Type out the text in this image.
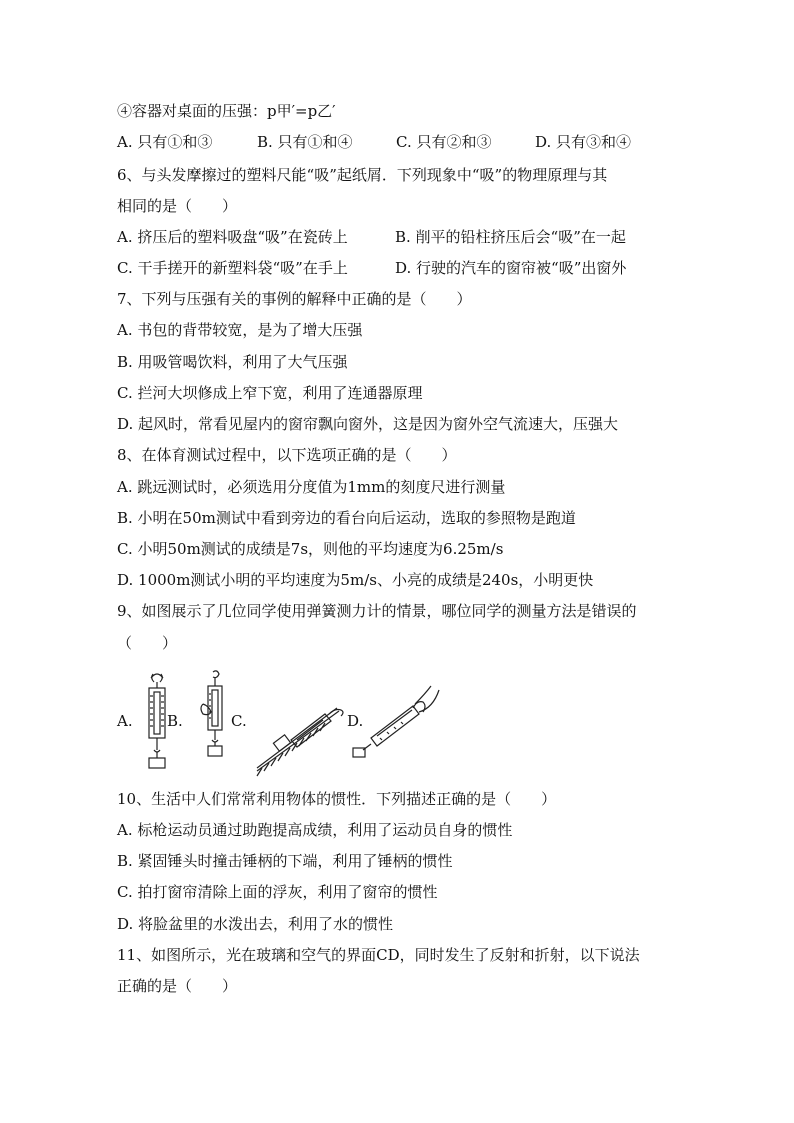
④容器对桌面的压强：p甲′=p乙′
A. 只有①和③	B. 只有①和④	C. 只有②和③	D. 只有③和④
6、与头发摩擦过的塑料尺能“吸”起纸屑．下列现象中“吸”的物理原理与其
相同的是（　　）
A. 挤压后的塑料吸盘“吸”在瓷砖上	B. 削平的铅柱挤压后会“吸”在一起
C. 干手搓开的新塑料袋“吸”在手上	D. 行驶的汽车的窗帘被“吸”出窗外
7、下列与压强有关的事例的解释中正确的是（　　）
A. 书包的背带较宽，是为了增大压强
B. 用吸管喝饮料，利用了大气压强
C. 拦河大坝修成上窄下宽，利用了连通器原理
D. 起风时，常看见屋内的窗帘飘向窗外，这是因为窗外空气流速大，压强大
8、在体育测试过程中，以下选项正确的是（　　）
A. 跳远测试时，必须选用分度值为1mm的刻度尺进行测量
B. 小明在50m测试中看到旁边的看台向后运动，选取的参照物是跑道
C. 小明50m测试的成绩是7s，则他的平均速度为6.25m/s
D. 1000m测试小明的平均速度为5m/s、小亮的成绩是240s，小明更快
9、如图展示了几位同学使用弹簧测力计的情景，哪位同学的测量方法是错误的
（　　）
A. B.	C.	D.
10、生活中人们常常利用物体的惯性．下列描述正确的是（　　）
A. 标枪运动员通过助跑提高成绩，利用了运动员自身的惯性
B. 紧固锤头时撞击锤柄的下端，利用了锤柄的惯性
C. 拍打窗帘清除上面的浮灰，利用了窗帘的惯性
D. 将脸盆里的水泼出去，利用了水的惯性
11、如图所示，光在玻璃和空气的界面CD，同时发生了反射和折射，以下说法
正确的是（　　）
